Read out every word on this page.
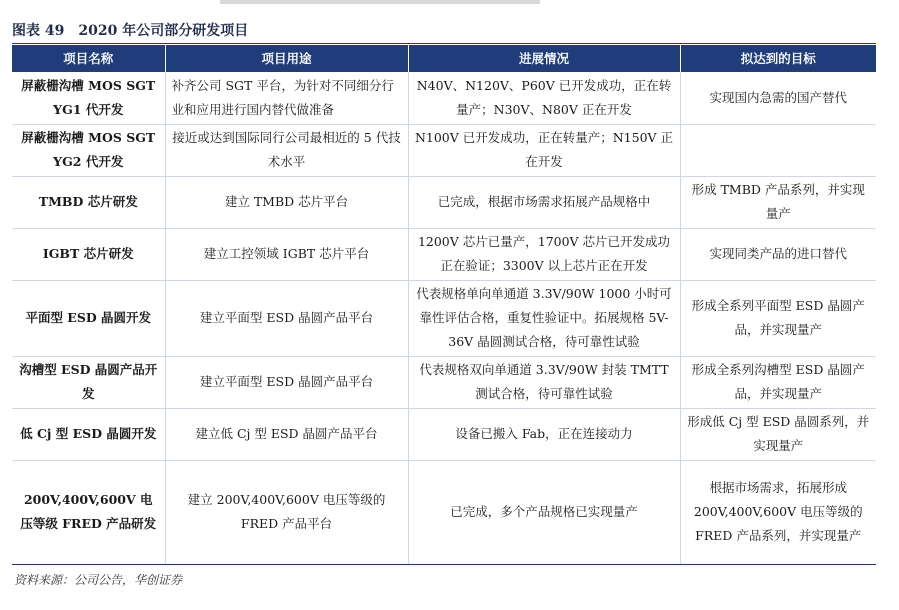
图表 49 2020 年公司部分研发项目
项目名称	项目用途	进展情况	拟达到的目标
屏蔽栅沟槽 MOS SGT YG1 代开发	补齐公司 SGT 平台，为针对不同细分行业和应用进行国内替代做准备	N40V、N120V、P60V 已开发成功，正在转量产；N30V、N80V 正在开发	实现国内急需的国产替代
屏蔽栅沟槽 MOS SGT YG2 代开发	接近或达到国际同行公司最相近的 5 代技术水平	N100V 已开发成功，正在转量产；N150V 正在开发	
TMBD 芯片研发	建立 TMBD 芯片平台	已完成，根据市场需求拓展产品规格中	形成 TMBD 产品系列，并实现量产
IGBT 芯片研发	建立工控领域 IGBT 芯片平台	1200V 芯片已量产，1700V 芯片已开发成功正在验证；3300V 以上芯片正在开发	实现同类产品的进口替代
平面型 ESD 晶圆开发	建立平面型 ESD 晶圆产品平台	代表规格单向单通道 3.3V/90W 1000 小时可靠性评估合格，重复性验证中。拓展规格 5V-36V 晶圆测试合格，待可靠性试验	形成全系列平面型 ESD 晶圆产品，并实现量产
沟槽型 ESD 晶圆产品开发	建立平面型 ESD 晶圆产品平台	代表规格双向单通道 3.3V/90W 封装 TMTT 测试合格，待可靠性试验	形成全系列沟槽型 ESD 晶圆产品，并实现量产
低 Cj 型 ESD 晶圆开发	建立低 Cj 型 ESD 晶圆产品平台	设备已搬入 Fab，正在连接动力	形成低 Cj 型 ESD 晶圆系列，并实现量产
200V,400V,600V 电压等级 FRED 产品研发	建立 200V,400V,600V 电压等级的 FRED 产品平台	已完成，多个产品规格已实现量产	根据市场需求，拓展形成 200V,400V,600V 电压等级的 FRED 产品系列，并实现量产
资料来源：公司公告，华创证券
